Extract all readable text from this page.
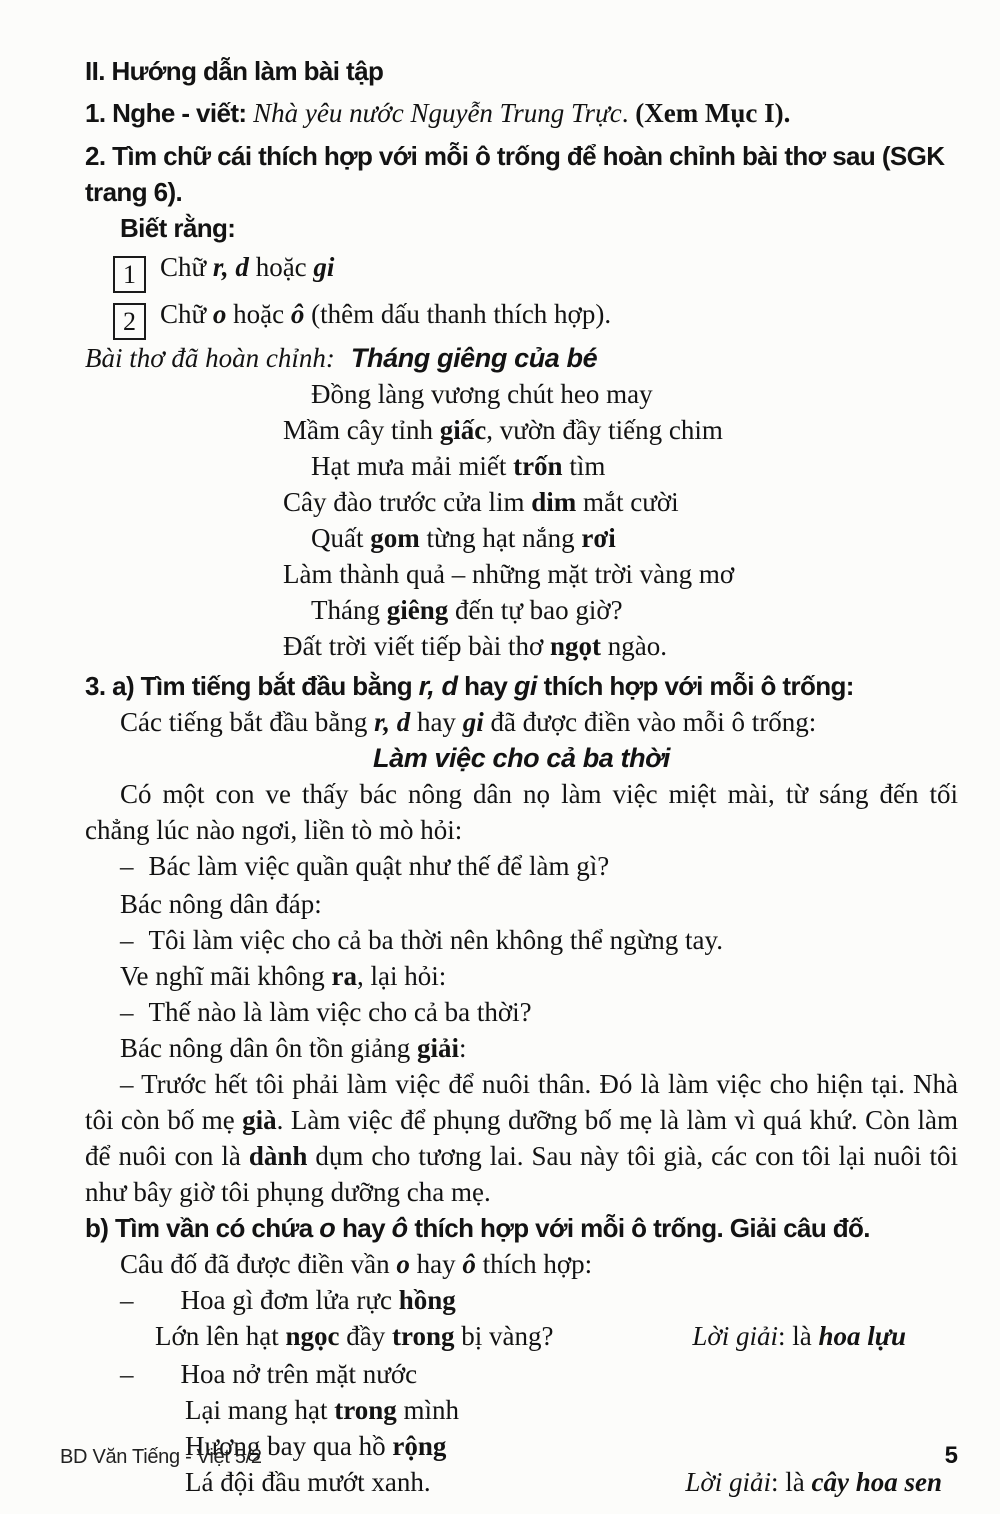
II. Hướng dẫn làm bài tập
1. Nghe - viết: Nhà yêu nước Nguyễn Trung Trực. (Xem Mục I).
2. Tìm chữ cái thích hợp với mỗi ô trống để hoàn chỉnh bài thơ sau (SGK trang 6).
Biết rằng:
1 Chữ r, d hoặc gi
2 Chữ o hoặc ô (thêm dấu thanh thích hợp).
Bài thơ đã hoàn chỉnh: Tháng giêng của bé
Đồng làng vương chút heo may
Mầm cây tỉnh giấc, vườn đầy tiếng chim
Hạt mưa mải miết trốn tìm
Cây đào trước cửa lim dim mắt cười
Quất gom từng hạt nắng rơi
Làm thành quả – những mặt trời vàng mơ
Tháng giêng đến tự bao giờ?
Đất trời viết tiếp bài thơ ngọt ngào.
3. a) Tìm tiếng bắt đầu bằng r, d hay gi thích hợp với mỗi ô trống:
Các tiếng bắt đầu bằng r, d hay gi đã được điền vào mỗi ô trống:
Làm việc cho cả ba thời
Có một con ve thấy bác nông dân nọ làm việc miệt mài, từ sáng đến tối chẳng lúc nào ngơi, liền tò mò hỏi:
– Bác làm việc quần quật như thế để làm gì?
Bác nông dân đáp:
– Tôi làm việc cho cả ba thời nên không thể ngừng tay.
Ve nghĩ mãi không ra, lại hỏi:
– Thế nào là làm việc cho cả ba thời?
Bác nông dân ôn tồn giảng giải:
– Trước hết tôi phải làm việc để nuôi thân. Đó là làm việc cho hiện tại. Nhà tôi còn bố mẹ già. Làm việc để phụng dưỡng bố mẹ là làm vì quá khứ. Còn làm để nuôi con là dành dụm cho tương lai. Sau này tôi già, các con tôi lại nuôi tôi như bây giờ tôi phụng dưỡng cha mẹ.
b) Tìm vần có chứa o hay ô thích hợp với mỗi ô trống. Giải câu đố.
Câu đố đã được điền vần o hay ô thích hợp:
– Hoa gì đơm lửa rực hồng
Lớn lên hạt ngọc đầy trong bị vàng?	Lời giải: là hoa lựu
– Hoa nở trên mặt nước
Lại mang hạt trong mình
Hương bay qua hồ rộng
Lá đội đầu mướt xanh.	Lời giải: là cây hoa sen
BD Văn Tiếng - Việt 5/2	5
